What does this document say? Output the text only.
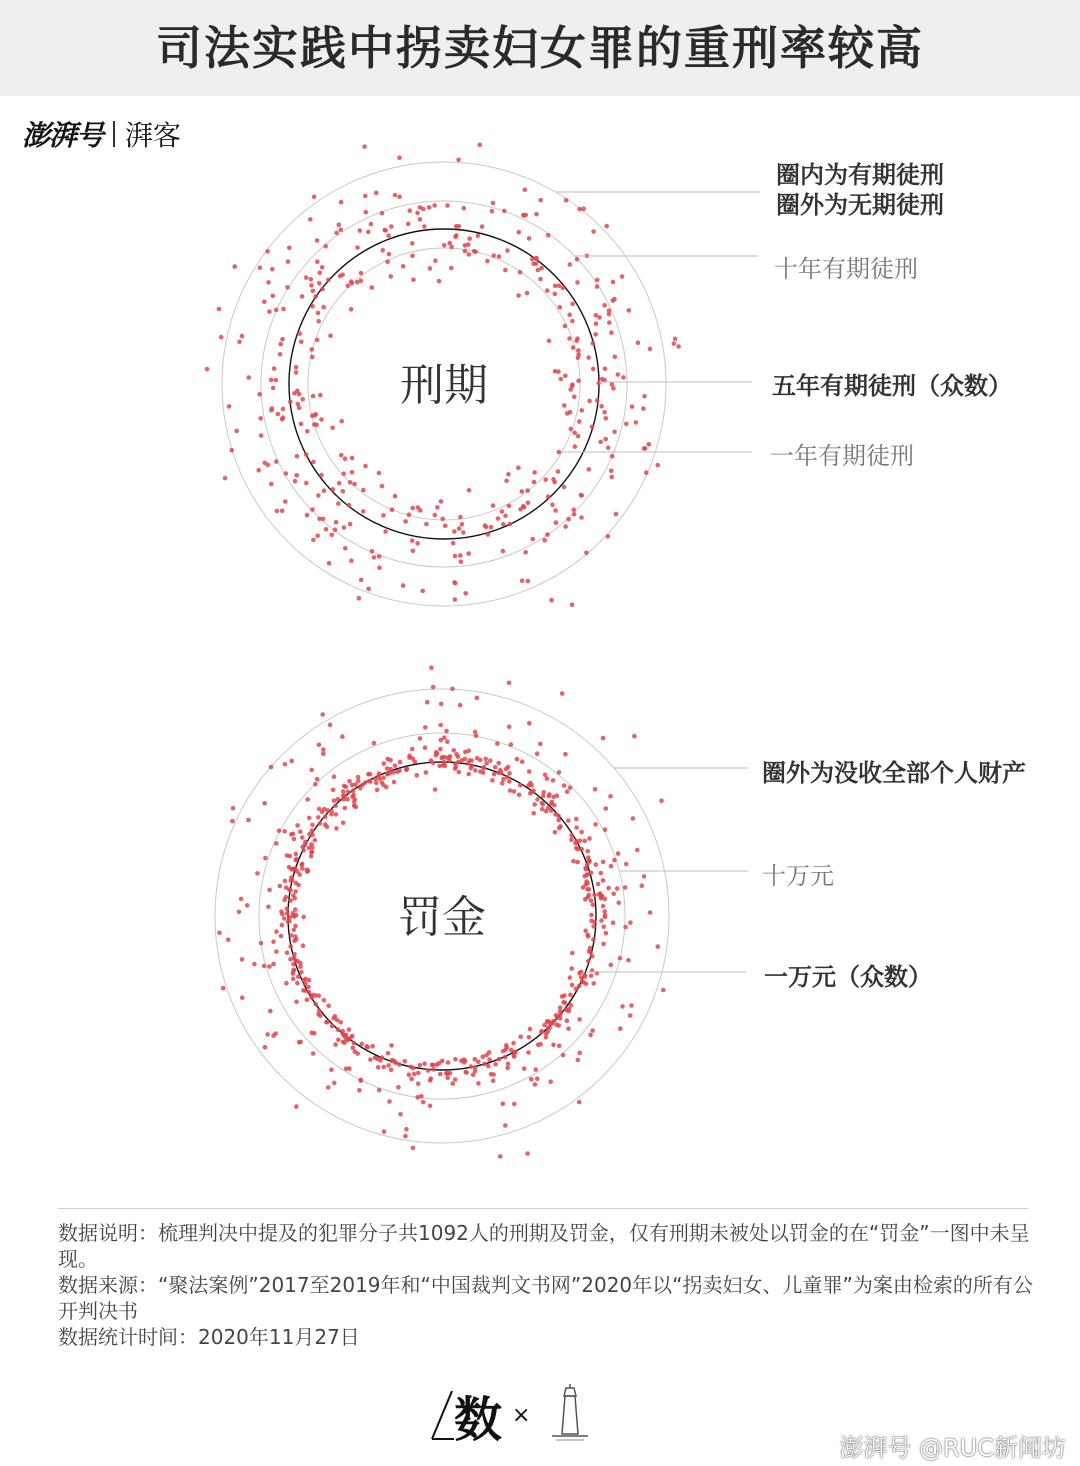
司法实践中拐卖妇女罪的重刑率较高
澎湃号 湃客
刑期
罚金
圈内为有期徒刑
圈外为无期徒刑
十年有期徒刑
五年有期徒刑（众数）
一年有期徒刑
圈外为没收全部个人财产
十万元
一万元（众数）

数据说明：梳理判决中提及的犯罪分子共1092人的刑期及罚金，仅有刑期未被处以罚金的在“罚金”一图中未呈现。

数据来源：“聚法案例”2017至2019年和“中国裁判文书网”2020年以“拐卖妇女、儿童罪”为案由检索的所有公开判决书

数据统计时间：2020年11月27日

数 ×
澎湃号 @RUC新闻坊
